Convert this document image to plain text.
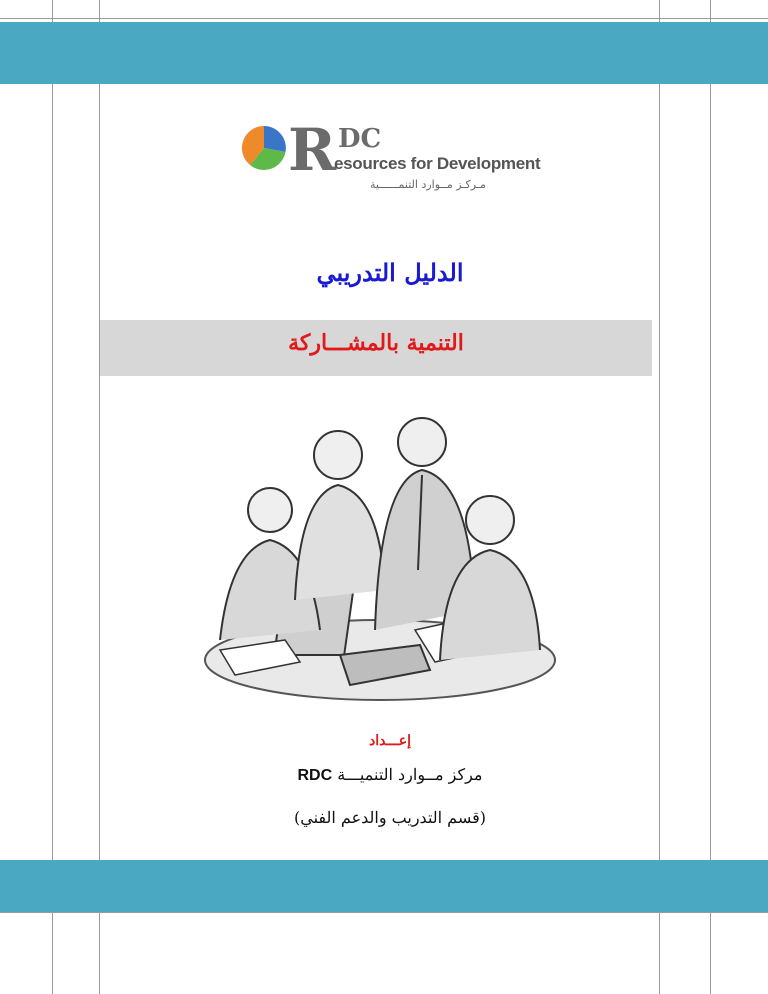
R DC
esources for Development
مـركـز مــوارد التنمــــــية
الدليل التدريبي
التنمية بالمشـــاركة
إعـــداد
مركز مــوارد التنميـــة RDC
(قسم التدريب والدعم الفني)
